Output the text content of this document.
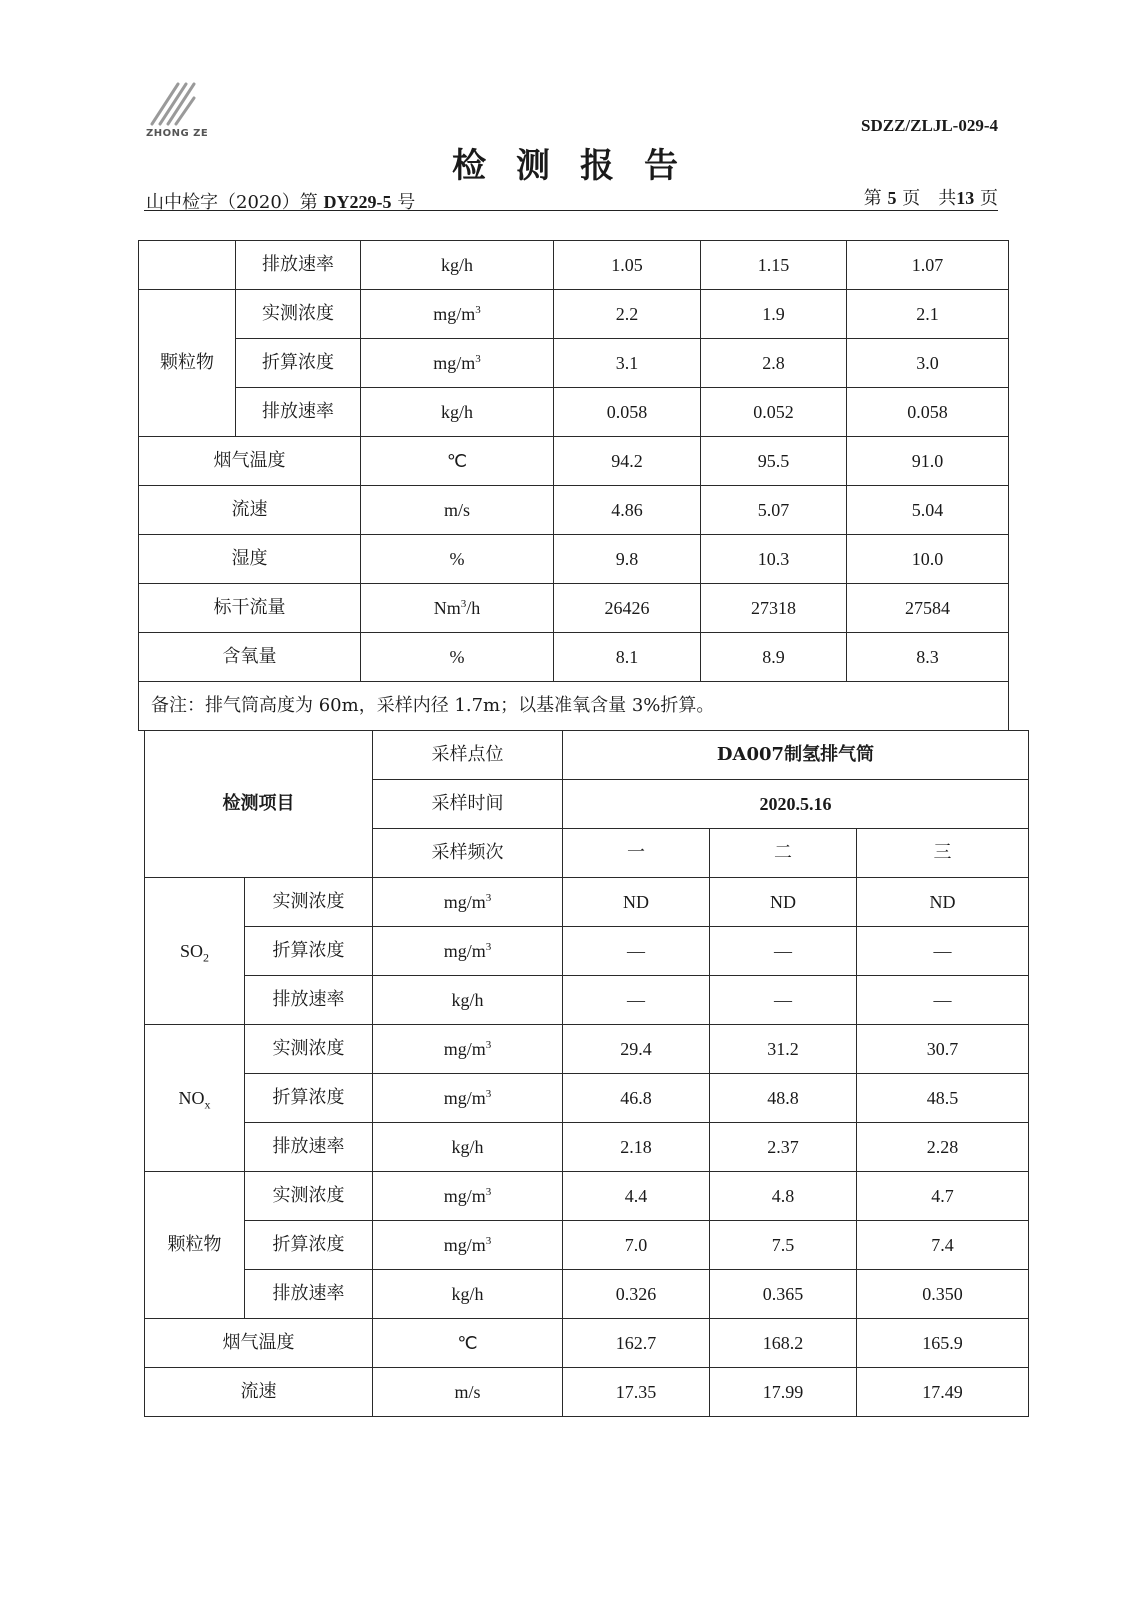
ZHONG ZE	SDZZ/ZLJL-029-4
检测报告
山中检字（2020）第 DY229-5 号	第 5 页　共13 页
	排放速率	kg/h	1.05	1.15	1.07
颗粒物	实测浓度	$mg/m^3$	2.2	1.9	2.1
	折算浓度	$mg/m^3$	3.1	2.8	3.0
	排放速率	kg/h	0.058	0.052	0.058
烟气温度		℃	94.2	95.5	91.0
流速		m/s	4.86	5.07	5.04
湿度		%	9.8	10.3	10.0
标干流量		Nm$^3$/h	26426	27318	27584
含氧量		%	8.1	8.9	8.3
备注：排气筒高度为 60m，采样内径 1.7m；以基准氧含量 3%折算。					
检测项目		采样点位	DA007制氢排气筒		
		采样时间	2020.5.16		
		采样频次	一	二	三
$SO_2$	实测浓度	$mg/m^3$	ND	ND	ND
	折算浓度	$mg/m^3$	—	—	—
	排放速率	kg/h	—	—	—
$NO_x$	实测浓度	$mg/m^3$	29.4	31.2	30.7
	折算浓度	$mg/m^3$	46.8	48.8	48.5
	排放速率	kg/h	2.18	2.37	2.28
颗粒物	实测浓度	$mg/m^3$	4.4	4.8	4.7
	折算浓度	$mg/m^3$	7.0	7.5	7.4
	排放速率	kg/h	0.326	0.365	0.350
烟气温度		℃	162.7	168.2	165.9
流速		m/s	17.35	17.99	17.49
